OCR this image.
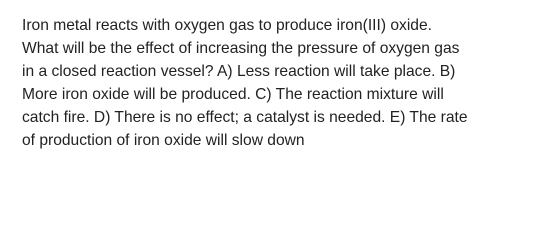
Iron metal reacts with oxygen gas to produce iron(III) oxide.
What will be the effect of increasing the pressure of oxygen gas
in a closed reaction vessel? A) Less reaction will take place. B)
More iron oxide will be produced. C) The reaction mixture will
catch fire. D) There is no effect; a catalyst is needed. E) The rate
of production of iron oxide will slow down
